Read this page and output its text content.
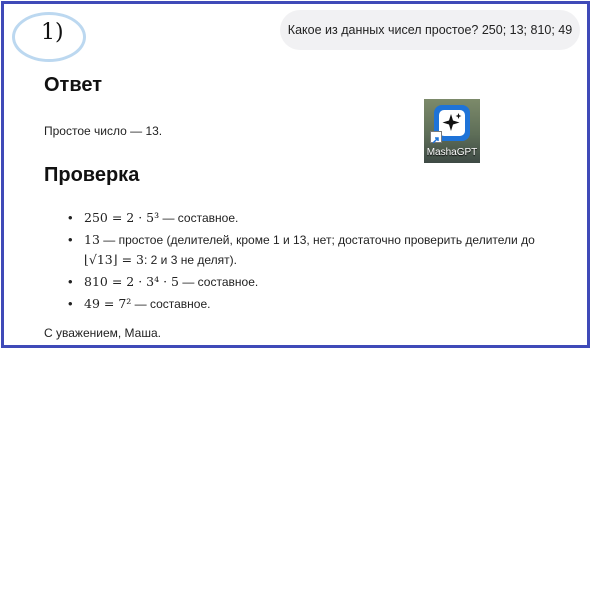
1)	Какое из данных чисел простое? 250; 13; 810; 49
Ответ

Простое число — 13.

MashaGPT
Проверка
• 250 = 2 · 5³ — составное.
• 13 — простое (делителей, кроме 1 и 13, нет; достаточно проверить делители до
⌊√13⌋ = 3: 2 и 3 не делят).
• 810 = 2 · 3⁴ · 5 — составное.
• 49 = 7² — составное.

С уважением, Маша.
